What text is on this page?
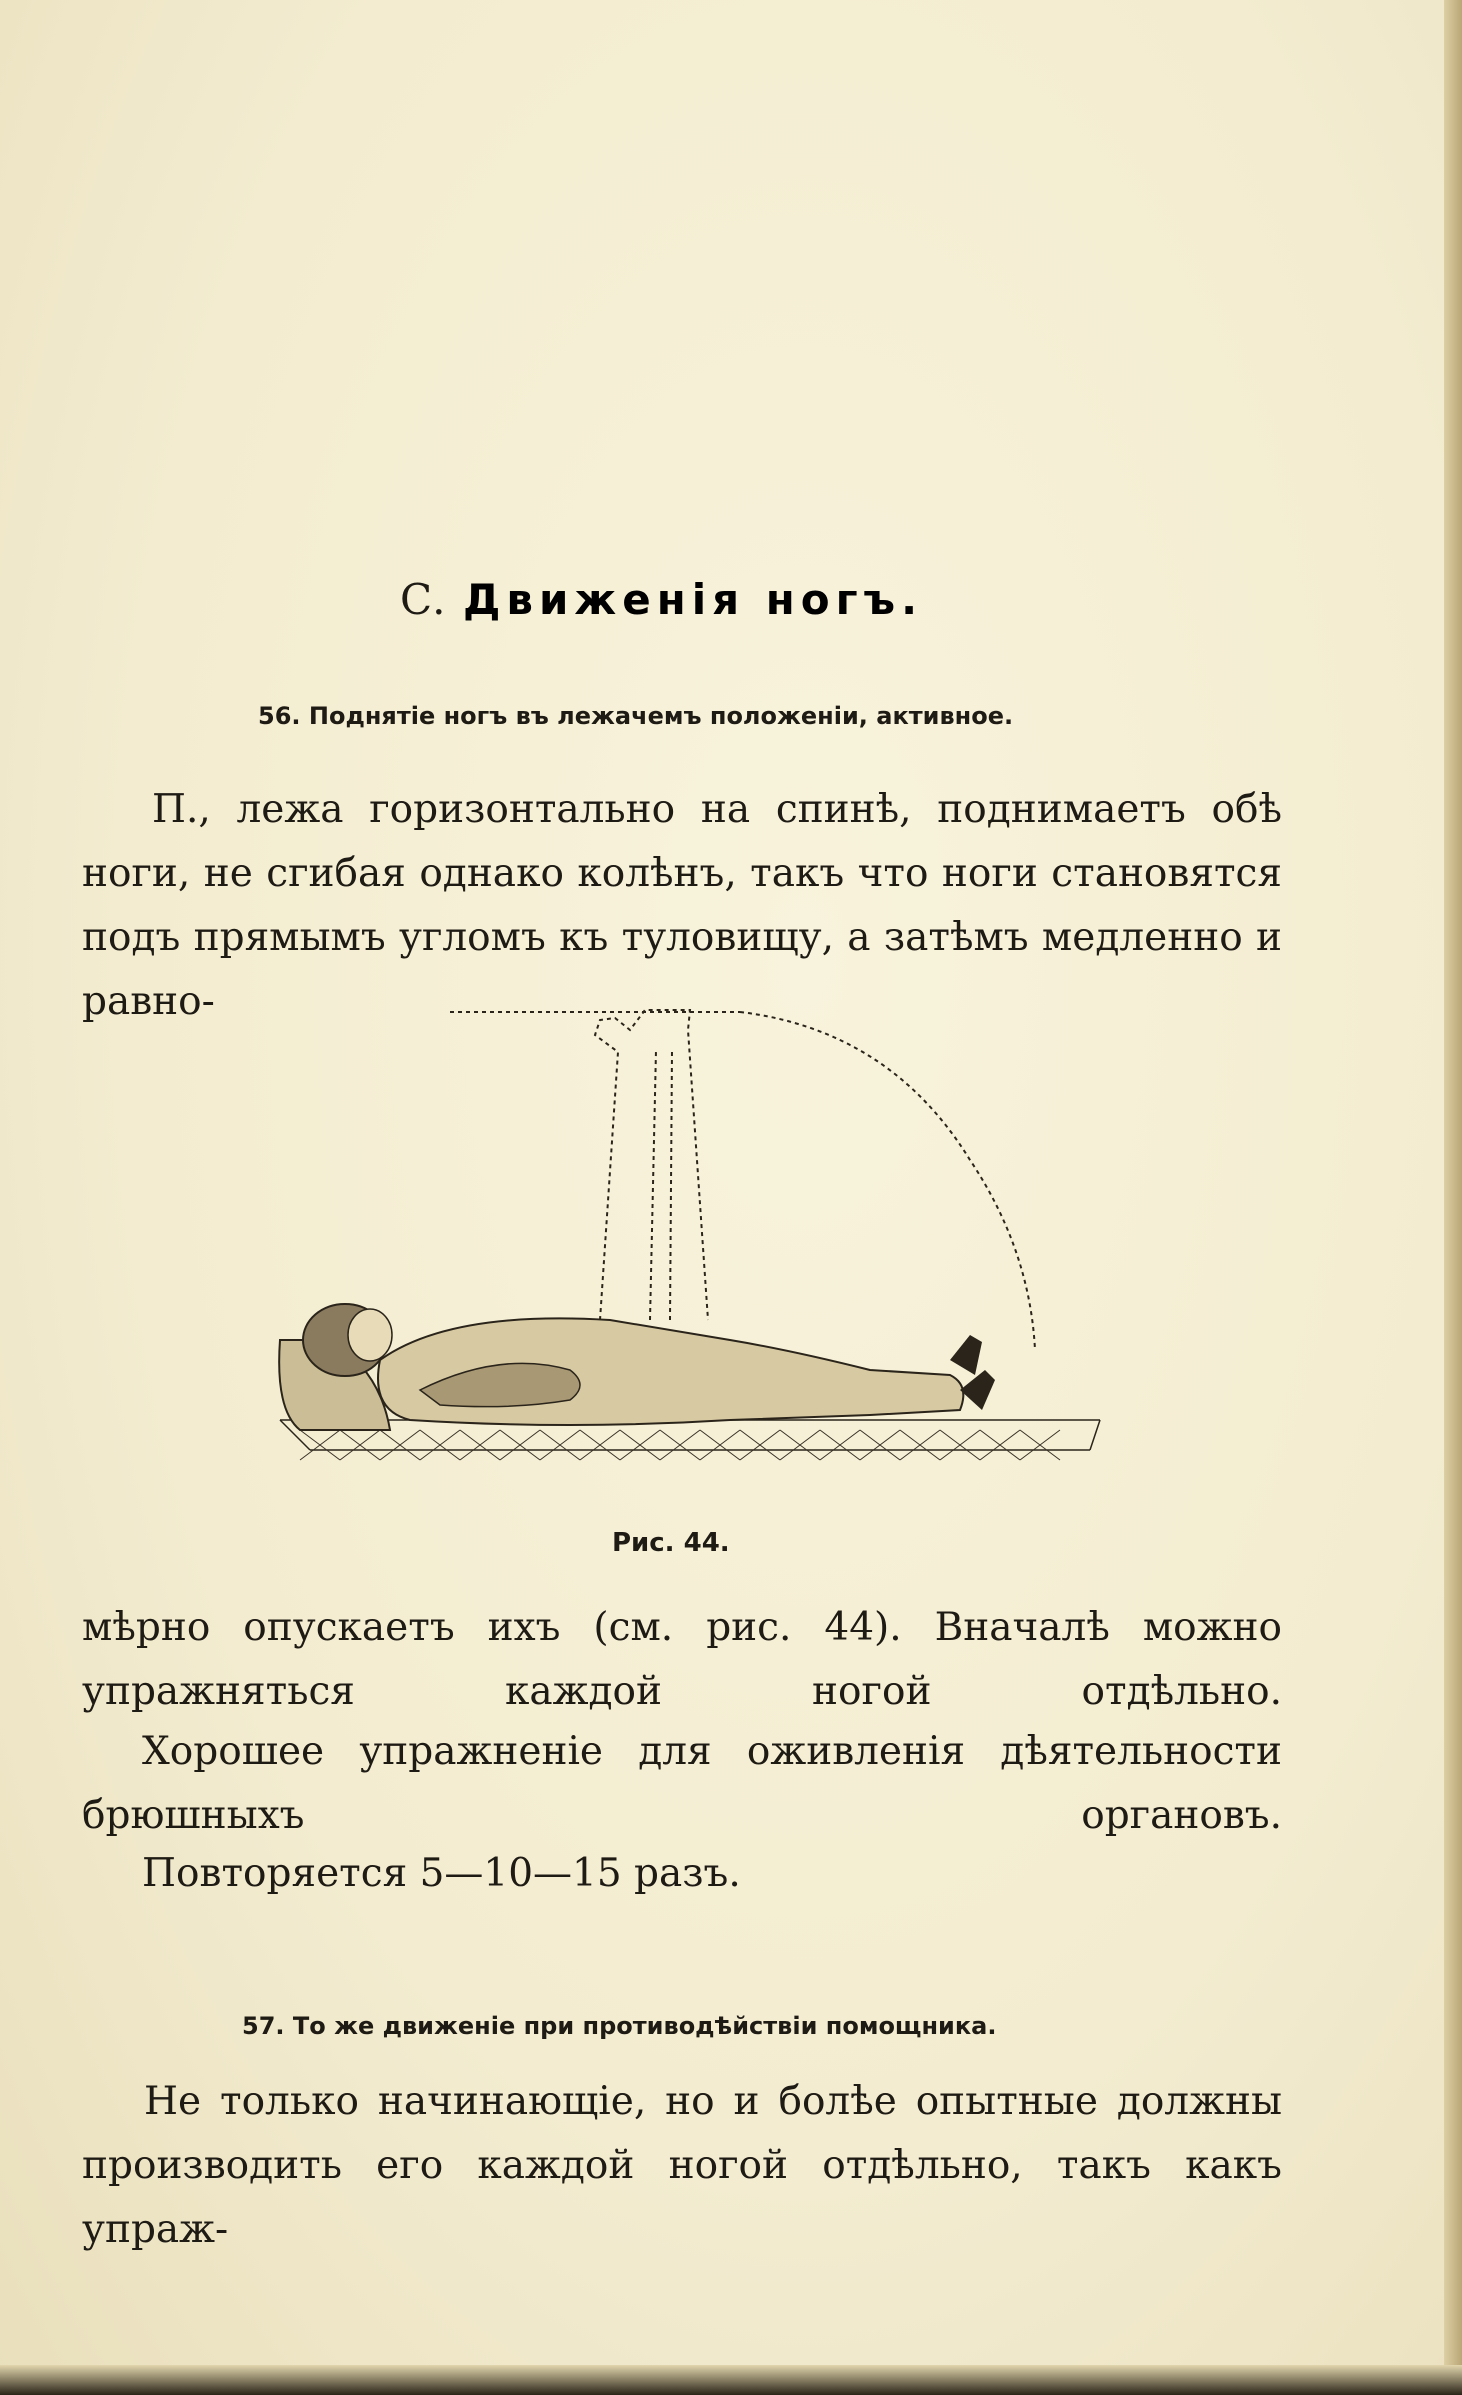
С. Движенія ногъ.
56. Поднятіе ногъ въ лежачемъ положеніи, активное.
П., лежа горизонтально на спинѣ, поднимаетъ обѣ ноги, не сгибая однако колѣнъ, такъ что ноги становятся подъ прямымъ угломъ къ туловищу, а затѣмъ медленно и равно-
Рис. 44.
мѣрно опускаетъ ихъ (см. рис. 44). Вначалѣ можно упражняться каждой ногой отдѣльно.
Хорошее упражненіе для оживленія дѣятельности брюшныхъ органовъ.
Повторяется 5—10—15 разъ.
57. То же движеніе при противодѣйствіи помощника.
Не только начинающіе, но и болѣе опытные должны производить его каждой ногой отдѣльно, такъ какъ упраж-
